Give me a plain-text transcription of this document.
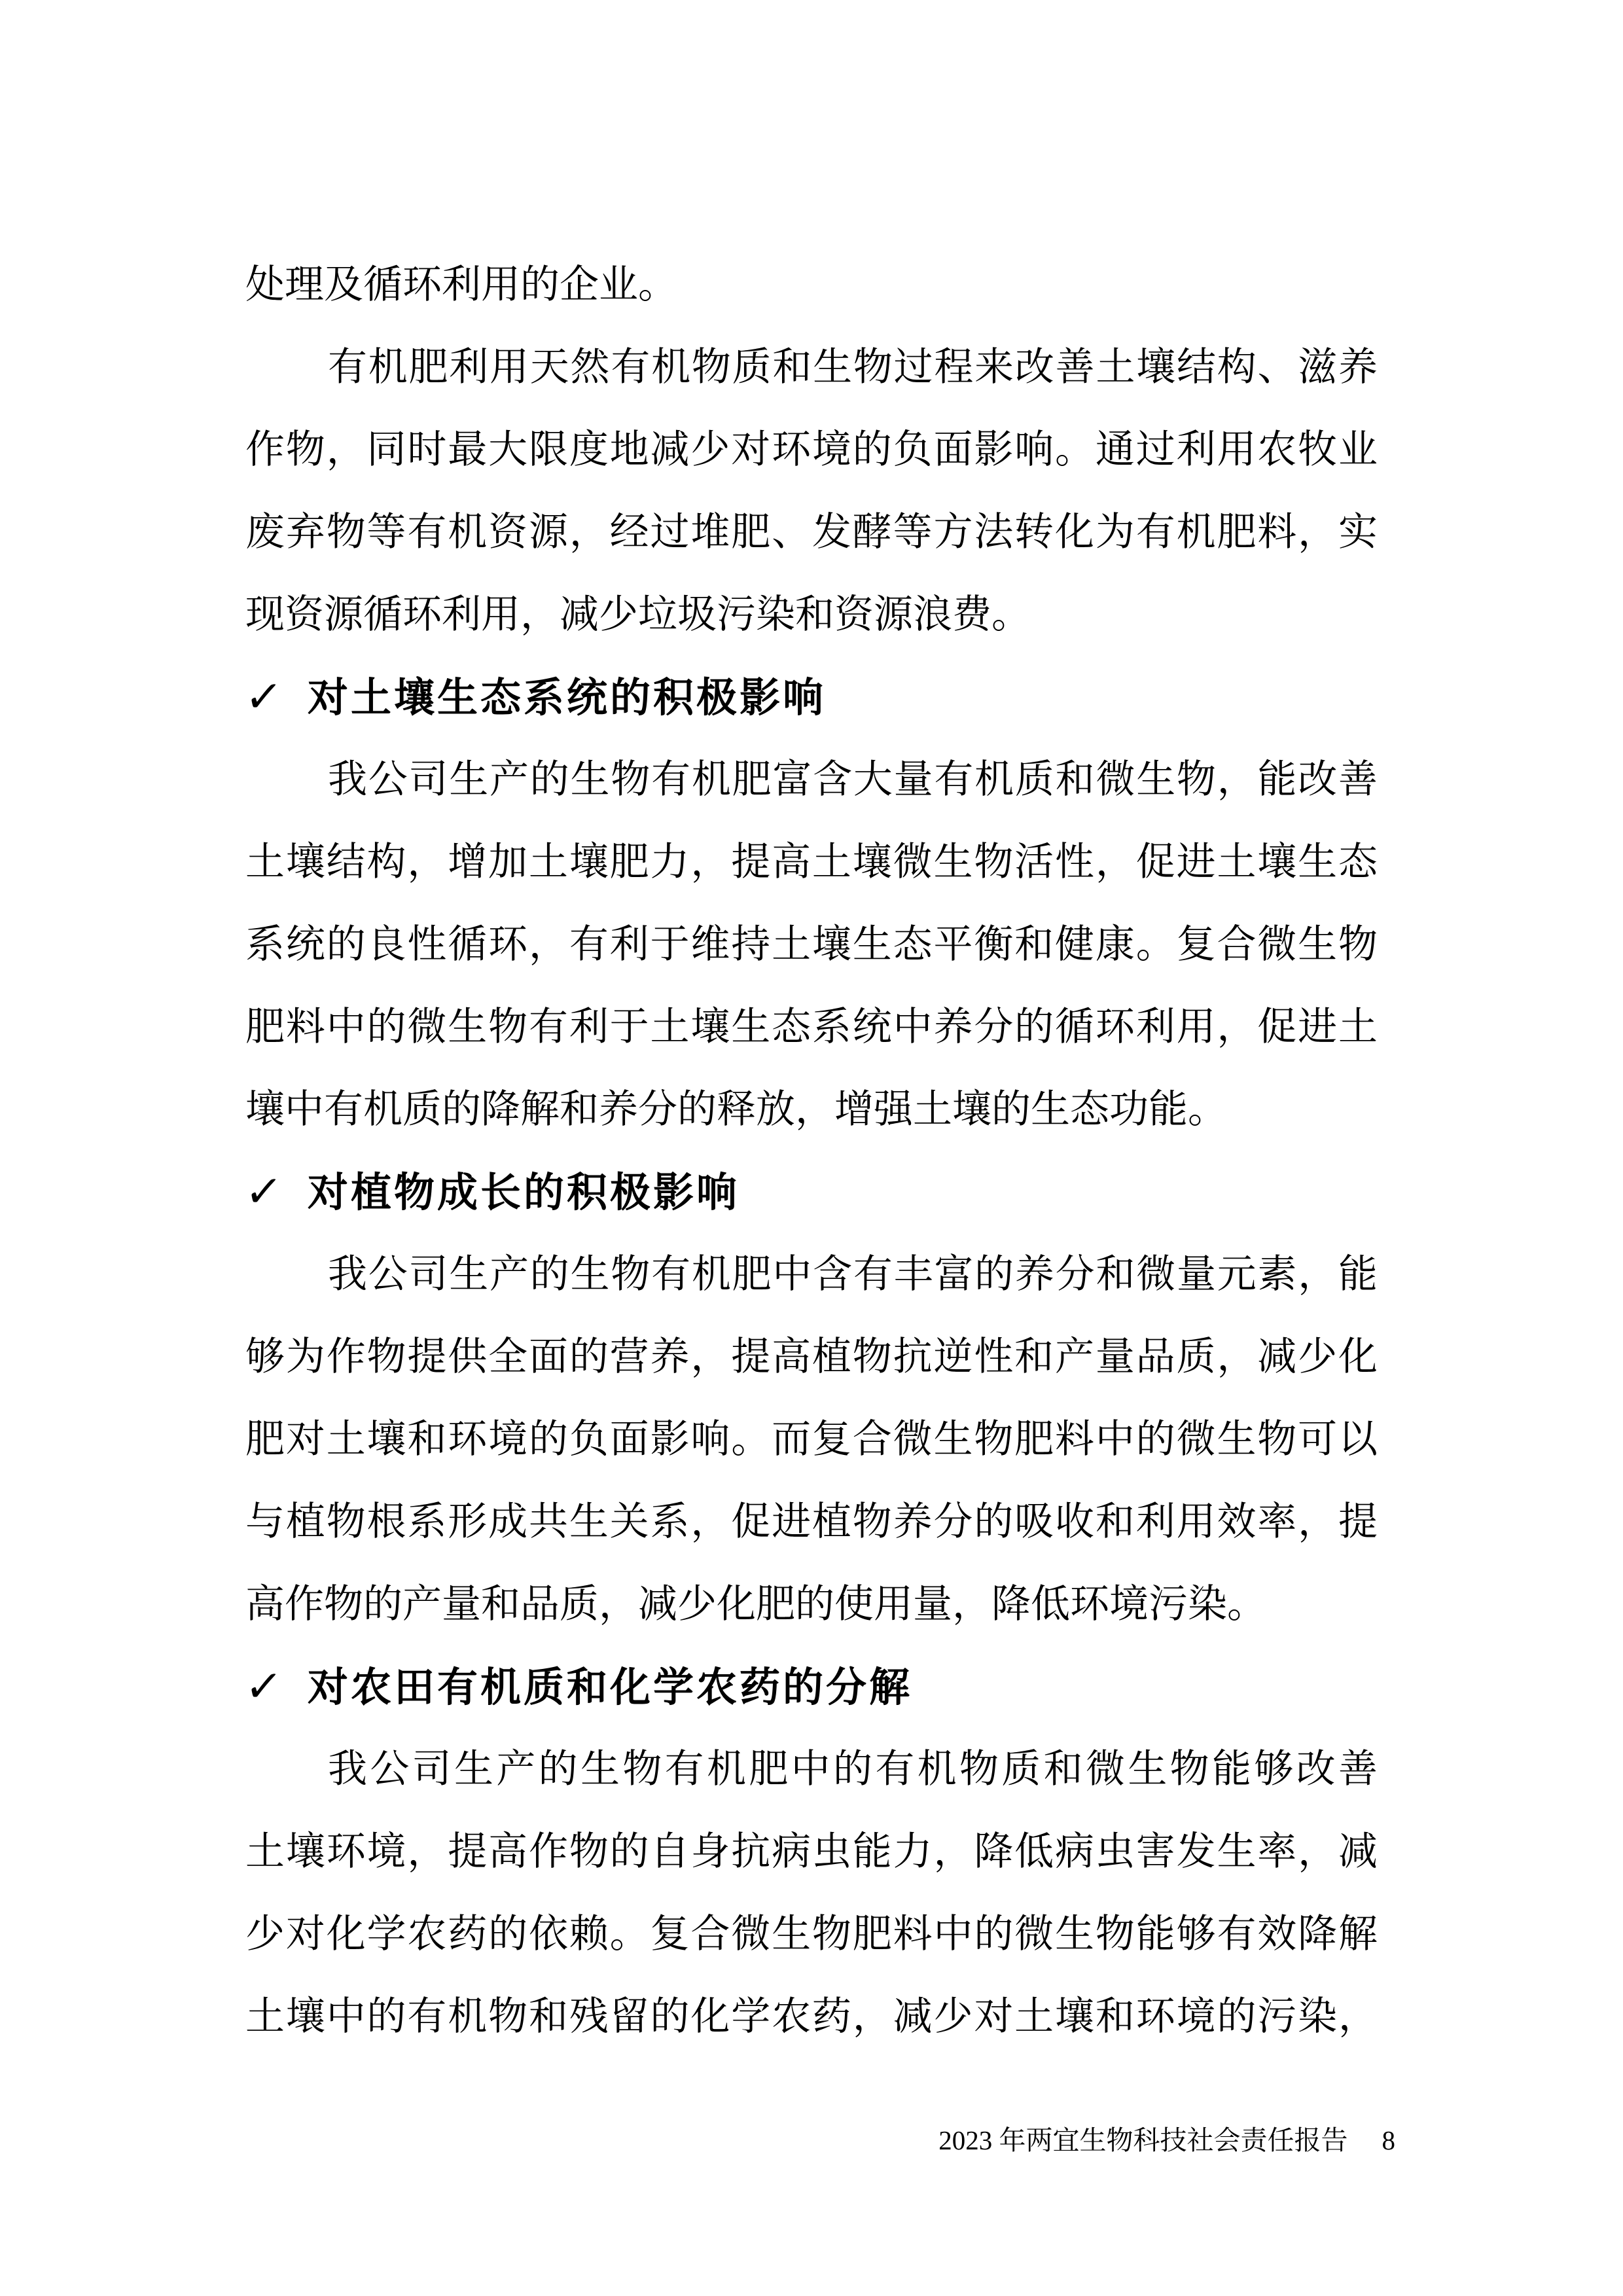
处理及循环利用的企业。
有机肥利用天然有机物质和生物过程来改善土壤结构、滋养
作物，同时最大限度地减少对环境的负面影响。通过利用农牧业
废弃物等有机资源，经过堆肥、发酵等方法转化为有机肥料，实
现资源循环利用，减少垃圾污染和资源浪费。
✓ 对土壤生态系统的积极影响
我公司生产的生物有机肥富含大量有机质和微生物，能改善
土壤结构，增加土壤肥力，提高土壤微生物活性，促进土壤生态
系统的良性循环，有利于维持土壤生态平衡和健康。复合微生物
肥料中的微生物有利于土壤生态系统中养分的循环利用，促进土
壤中有机质的降解和养分的释放，增强土壤的生态功能。
✓ 对植物成长的积极影响
我公司生产的生物有机肥中含有丰富的养分和微量元素，能
够为作物提供全面的营养，提高植物抗逆性和产量品质，减少化
肥对土壤和环境的负面影响。而复合微生物肥料中的微生物可以
与植物根系形成共生关系，促进植物养分的吸收和利用效率，提
高作物的产量和品质，减少化肥的使用量，降低环境污染。
✓ 对农田有机质和化学农药的分解
我公司生产的生物有机肥中的有机物质和微生物能够改善
土壤环境，提高作物的自身抗病虫能力，降低病虫害发生率，减
少对化学农药的依赖。复合微生物肥料中的微生物能够有效降解
土壤中的有机物和残留的化学农药，减少对土壤和环境的污染，
2023 年两宜生物科技社会责任报告 8
